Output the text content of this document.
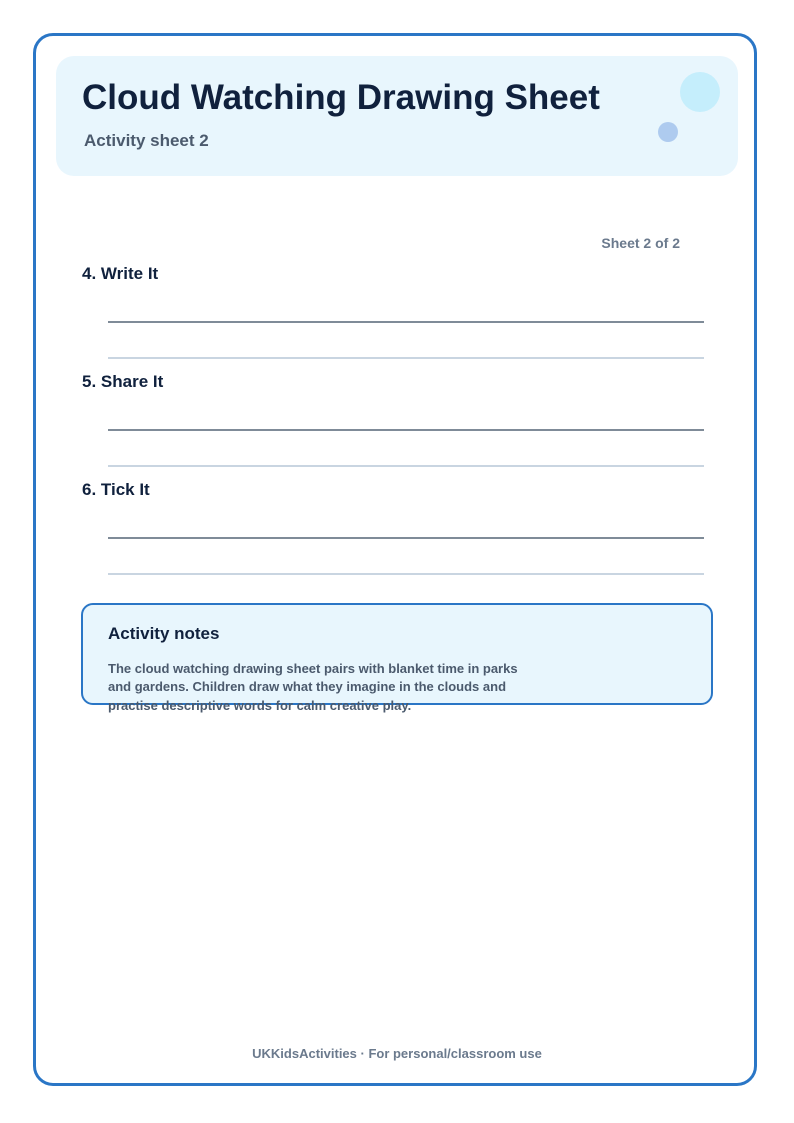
Cloud Watching Drawing Sheet
Activity sheet 2
Sheet 2 of 2
4. Write It
5. Share It
6. Tick It
Activity notes
The cloud watching drawing sheet pairs with blanket time in parks and gardens. Children draw what they imagine in the clouds and practise descriptive words for calm creative play.
UKKidsActivities · For personal/classroom use
